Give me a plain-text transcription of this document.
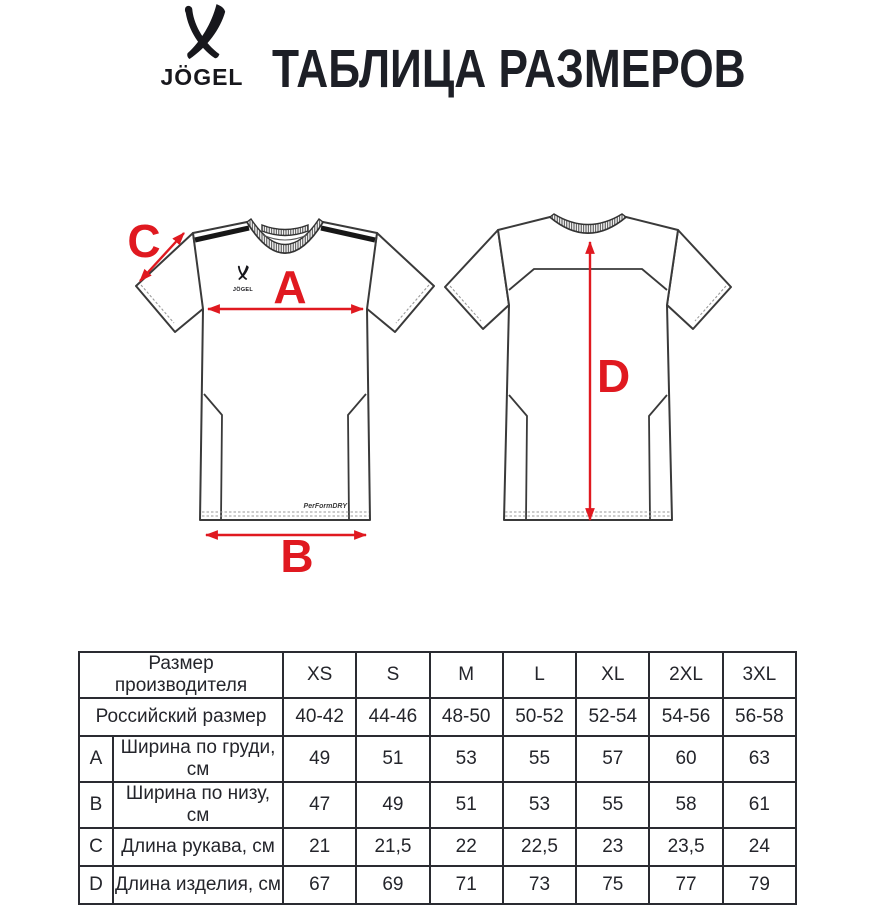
JÖGEL ТАБЛИЦА РАЗМЕРОВ
JÖGEL
PerFormDRY
A
B
C
D
Размер производителя		XS	S	M	L	XL	2XL	3XL
Российский размер		40-42	44-46	48-50	50-52	52-54	54-56	56-58
A	Ширина по груди, см	49	51	53	55	57	60	63
B	Ширина по низу, см	47	49	51	53	55	58	61
C	Длина рукава, см	21	21,5	22	22,5	23	23,5	24
D	Длина изделия, см	67	69	71	73	75	77	79
